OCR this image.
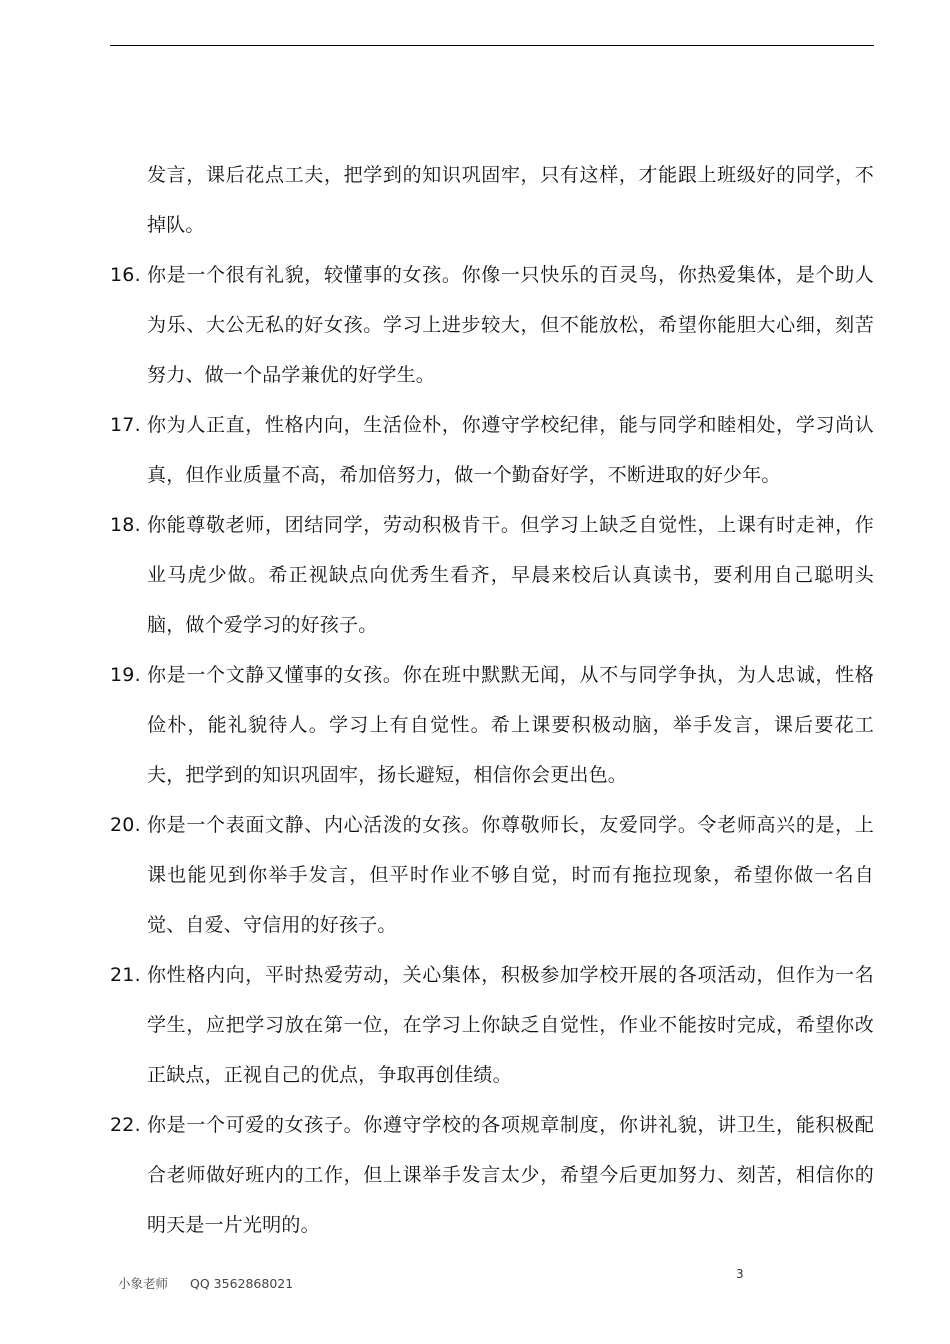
发言，课后花点工夫，把学到的知识巩固牢，只有这样，才能跟上班级好的同学，不掉队。

16. 你是一个很有礼貌，较懂事的女孩。你像一只快乐的百灵鸟，你热爱集体，是个助人为乐、大公无私的好女孩。学习上进步较大，但不能放松，希望你能胆大心细，刻苦努力、做一个品学兼优的好学生。
17. 你为人正直，性格内向，生活俭朴，你遵守学校纪律，能与同学和睦相处，学习尚认真，但作业质量不高，希加倍努力，做一个勤奋好学，不断进取的好少年。
18. 你能尊敬老师，团结同学，劳动积极肯干。但学习上缺乏自觉性，上课有时走神，作业马虎少做。希正视缺点向优秀生看齐，早晨来校后认真读书，要利用自己聪明头脑，做个爱学习的好孩子。
19. 你是一个文静又懂事的女孩。你在班中默默无闻，从不与同学争执，为人忠诚，性格俭朴，能礼貌待人。学习上有自觉性。希上课要积极动脑，举手发言，课后要花工夫，把学到的知识巩固牢，扬长避短，相信你会更出色。
20. 你是一个表面文静、内心活泼的女孩。你尊敬师长，友爱同学。令老师高兴的是，上课也能见到你举手发言，但平时作业不够自觉，时而有拖拉现象，希望你做一名自觉、自爱、守信用的好孩子。
21. 你性格内向，平时热爱劳动，关心集体，积极参加学校开展的各项活动，但作为一名学生，应把学习放在第一位，在学习上你缺乏自觉性，作业不能按时完成，希望你改正缺点，正视自己的优点，争取再创佳绩。
22. 你是一个可爱的女孩子。你遵守学校的各项规章制度，你讲礼貌，讲卫生，能积极配合老师做好班内的工作，但上课举手发言太少，希望今后更加努力、刻苦，相信你的明天是一片光明的。
3
小象老师 QQ 3562868021
